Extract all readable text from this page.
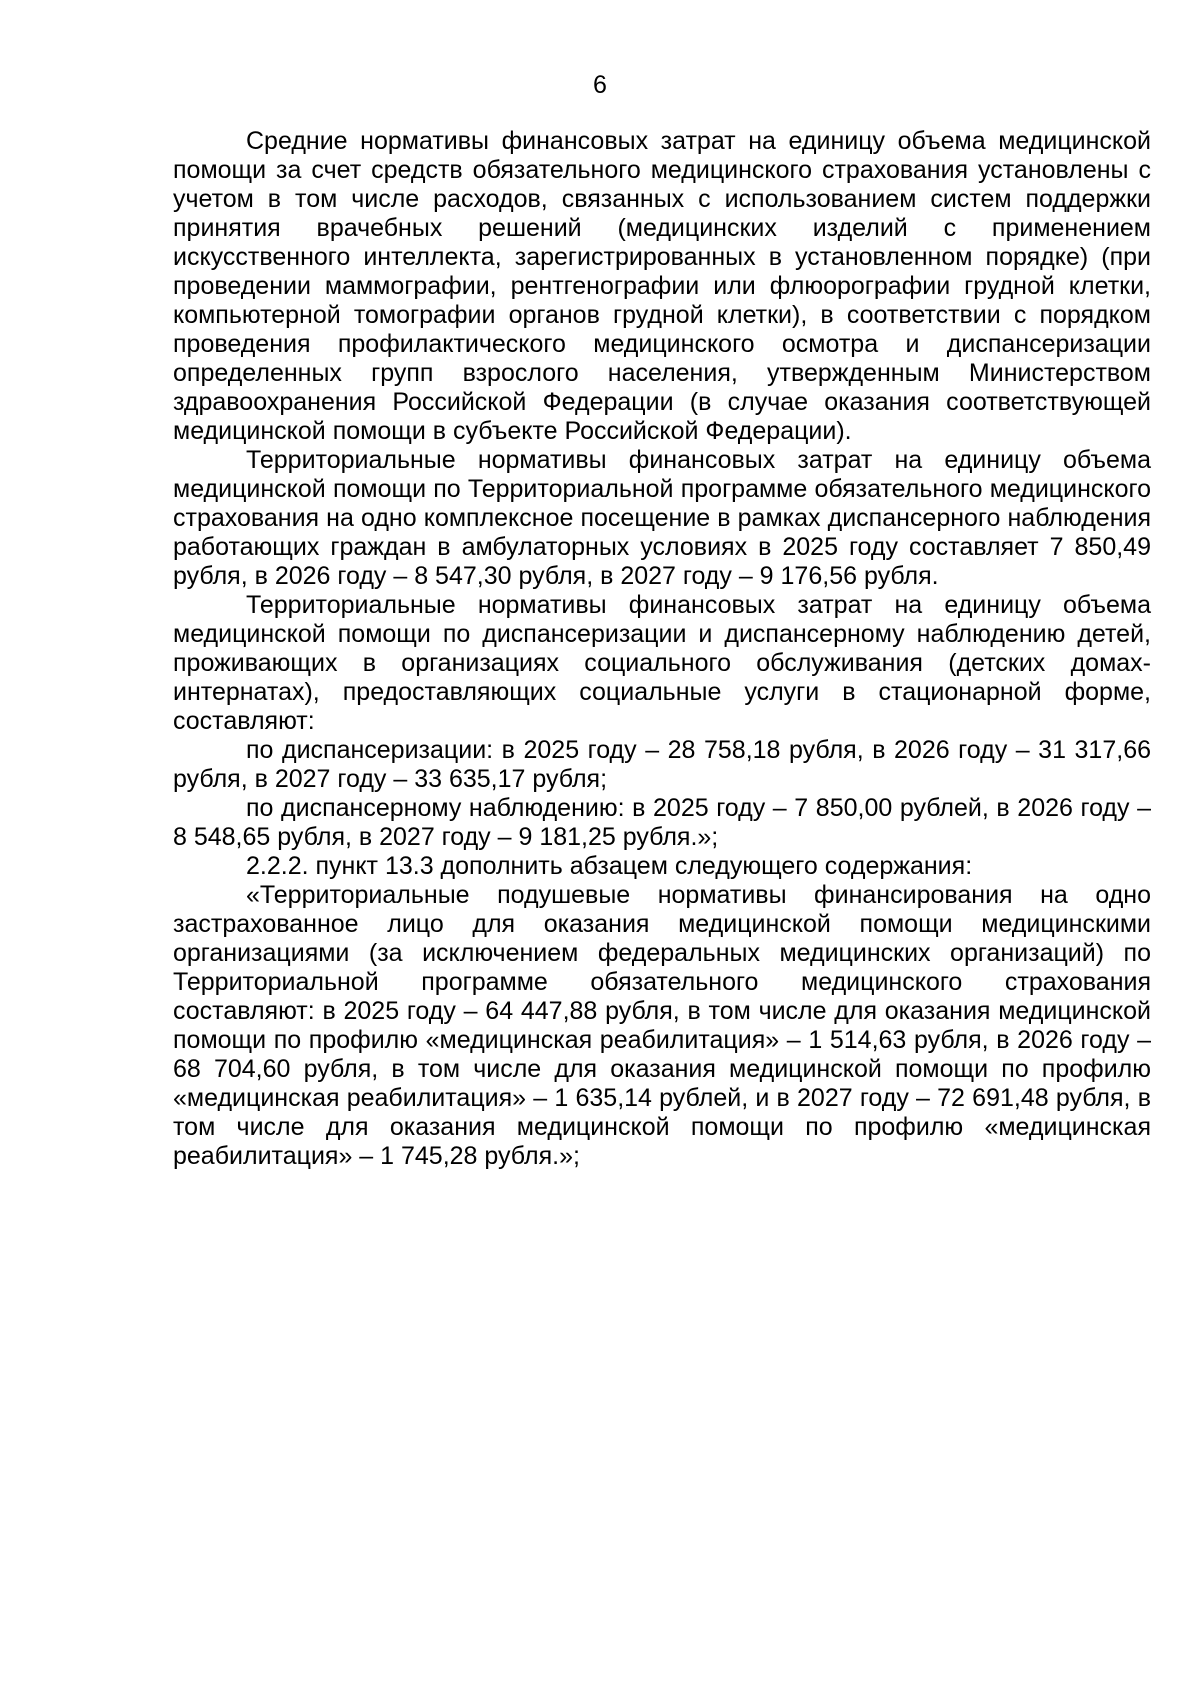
6

Средние нормативы финансовых затрат на единицу объема медицинской помощи за счет средств обязательного медицинского страхования установлены с учетом в том числе расходов, связанных с использованием систем поддержки принятия врачебных решений (медицинских изделий с применением искусственного интеллекта, зарегистрированных в установленном порядке) (при проведении маммографии, рентгенографии или флюорографии грудной клетки, компьютерной томографии органов грудной клетки), в соответствии с порядком проведения профилактического медицинского осмотра и диспансеризации определенных групп взрослого населения, утвержденным Министерством здравоохранения Российской Федерации (в случае оказания соответствующей медицинской помощи в субъекте Российской Федерации).

Территориальные нормативы финансовых затрат на единицу объема медицинской помощи по Территориальной программе обязательного медицинского страхования на одно комплексное посещение в рамках диспансерного наблюдения работающих граждан в амбулаторных условиях в 2025 году составляет 7 850,49 рубля, в 2026 году – 8 547,30 рубля, в 2027 году – 9 176,56 рубля.

Территориальные нормативы финансовых затрат на единицу объема медицинской помощи по диспансеризации и диспансерному наблюдению детей, проживающих в организациях социального обслуживания (детских домах-интернатах), предоставляющих социальные услуги в стационарной форме, составляют:

по диспансеризации: в 2025 году – 28 758,18 рубля, в 2026 году – 31 317,66 рубля, в 2027 году – 33 635,17 рубля;

по диспансерному наблюдению: в 2025 году – 7 850,00 рублей, в 2026 году – 8 548,65 рубля, в 2027 году – 9 181,25 рубля.»;

2.2.2. пункт 13.3 дополнить абзацем следующего содержания:

«Территориальные подушевые нормативы финансирования на одно застрахованное лицо для оказания медицинской помощи медицинскими организациями (за исключением федеральных медицинских организаций) по Территориальной программе обязательного медицинского страхования составляют: в 2025 году – 64 447,88 рубля, в том числе для оказания медицинской помощи по профилю «медицинская реабилитация» – 1 514,63 рубля, в 2026 году – 68 704,60 рубля, в том числе для оказания медицинской помощи по профилю «медицинская реабилитация» – 1 635,14 рублей, и в 2027 году – 72 691,48 рубля, в том числе для оказания медицинской помощи по профилю «медицинская реабилитация» – 1 745,28 рубля.»;
